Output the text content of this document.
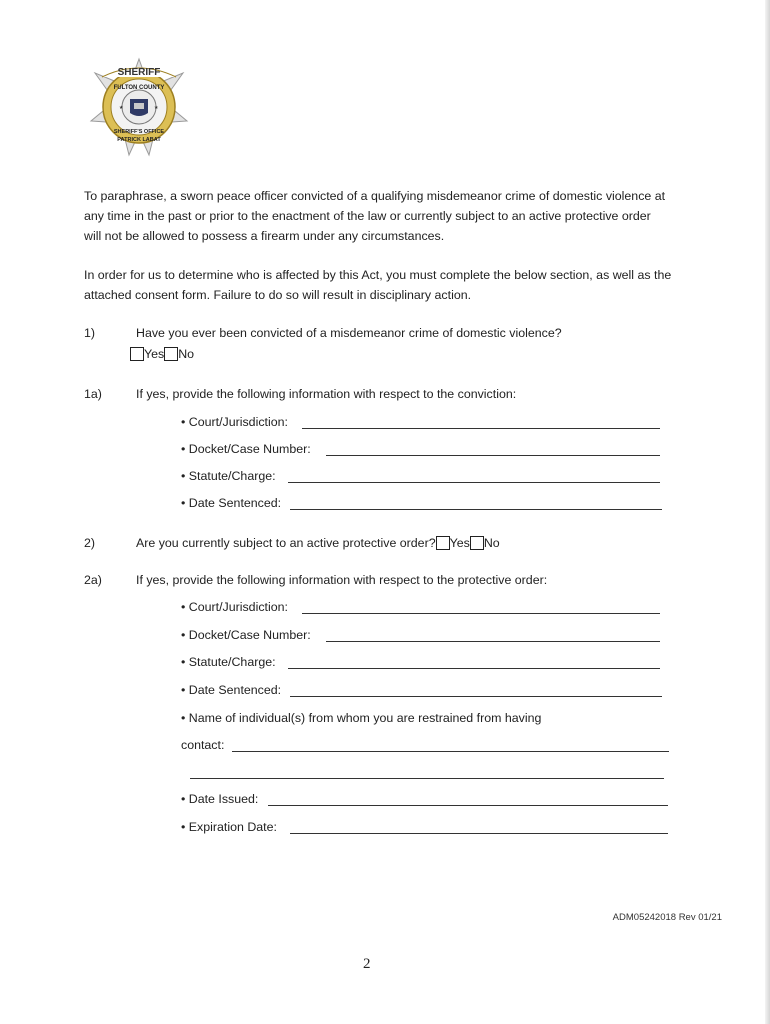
★	★
SHERIFF
FULTON COUNTY
SHERIFF'S OFFICE
PATRICK LABAT

To paraphrase, a sworn peace officer convicted of a qualifying misdemeanor crime of domestic violence at
any time in the past or prior to the enactment of the law or currently subject to an active protective order
will not be allowed to possess a firearm under any circumstances.

In order for us to determine who is affected by this Act, you must complete the below section, as well as the
attached consent form. Failure to do so will result in disciplinary action.

1)	Have you ever been convicted of a misdemeanor crime of domestic violence?
Yes No
1a)	If yes, provide the following information with respect to the conviction:
• Court/Jurisdiction:
• Docket/Case Number:
• Statute/Charge:
• Date Sentenced:
2)	Are you currently subject to an active protective order? Yes No
2a)	If yes, provide the following information with respect to the protective order:
• Court/Jurisdiction:
• Docket/Case Number:
• Statute/Charge:
• Date Sentenced:
• Name of individual(s) from whom you are restrained from having
contact:
• Date Issued:
• Expiration Date:
ADM05242018 Rev 01/21
2
